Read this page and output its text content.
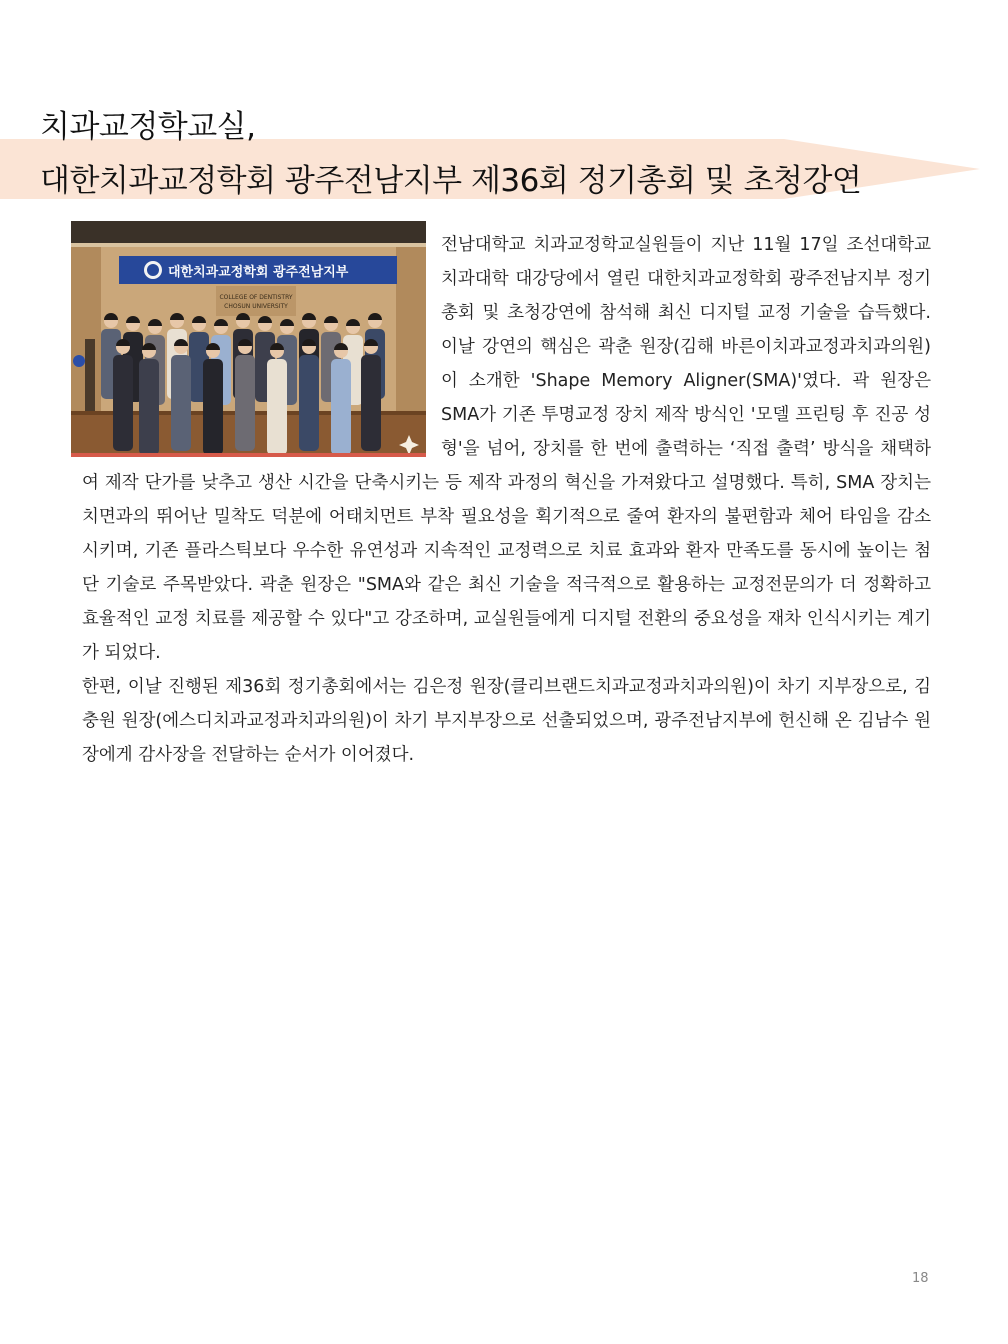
치과교정학교실,
대한치과교정학회 광주전남지부 제36회 정기총회 및 초청강연
대한치과교정학회 광주전남지부
COLLEGE OF DENTISTRY
CHOSUN UNIVERSITY

전남대학교 치과교정학교실원들이 지난 11월 17일 조선대학교 치과대학 대강당에서 열린 대한치과교정학회 광주전남지부 정기총회 및 초청강연에 참석해 최신 디지털 교정 기술을 습득했다. 이날 강연의 핵심은 곽춘 원장(김해 바른이치과교정과치과의원)이 소개한 'Shape Memory Aligner(SMA)'였다. 곽 원장은 SMA가 기존 투명교정 장치 제작 방식인 '모델 프린팅 후 진공 성형'을 넘어, 장치를 한 번에 출력하는 ‘직접 출력’ 방식을 채택하여 제작 단가를 낮추고 생산 시간을 단축시키는 등 제작 과정의 혁신을 가져왔다고 설명했다. 특히, SMA 장치는 치면과의 뛰어난 밀착도 덕분에 어태치먼트 부착 필요성을 획기적으로 줄여 환자의 불편함과 체어 타임을 감소시키며, 기존 플라스틱보다 우수한 유연성과 지속적인 교정력으로 치료 효과와 환자 만족도를 동시에 높이는 첨단 기술로 주목받았다. 곽춘 원장은 "SMA와 같은 최신 기술을 적극적으로 활용하는 교정전문의가 더 정확하고 효율적인 교정 치료를 제공할 수 있다"고 강조하며, 교실원들에게 디지털 전환의 중요성을 재차 인식시키는 계기가 되었다.

한편, 이날 진행된 제36회 정기총회에서는 김은정 원장(클리브랜드치과교정과치과의원)이 차기 지부장으로, 김충원 원장(에스디치과교정과치과의원)이 차기 부지부장으로 선출되었으며, 광주전남지부에 헌신해 온 김남수 원장에게 감사장을 전달하는 순서가 이어졌다.

18
